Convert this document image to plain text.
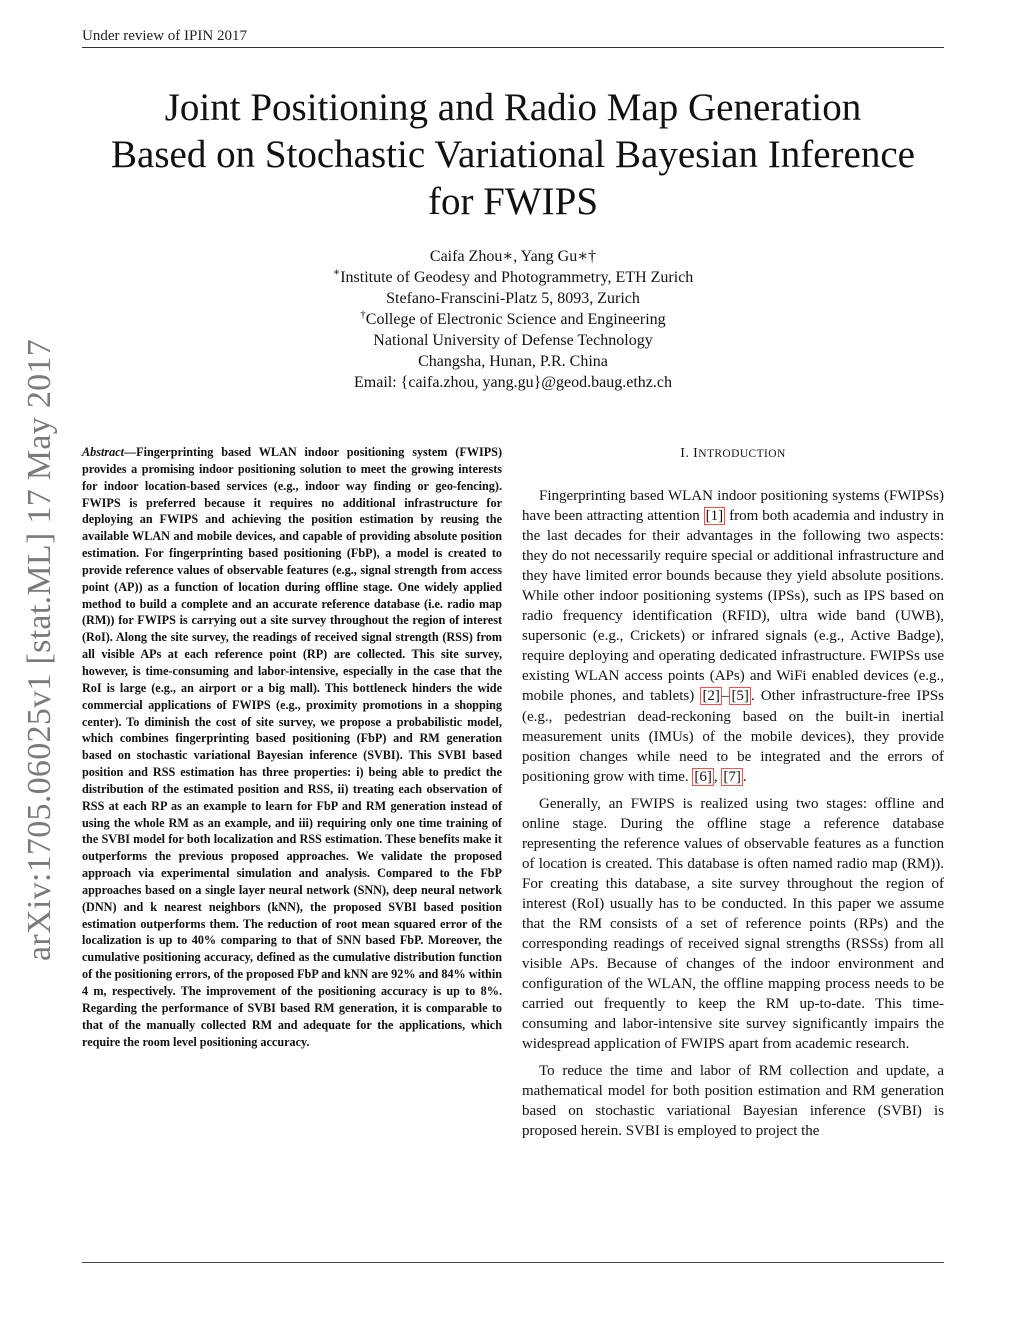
Under review of IPIN 2017
arXiv:1705.06025v1 [stat.ML] 17 May 2017
Joint Positioning and Radio Map Generation
Based on Stochastic Variational Bayesian Inference
for FWIPS
Caifa Zhou∗, Yang Gu∗†
∗Institute of Geodesy and Photogrammetry, ETH Zurich
Stefano-Franscini-Platz 5, 8093, Zurich
†College of Electronic Science and Engineering
National University of Defense Technology
Changsha, Hunan, P.R. China
Email: {caifa.zhou, yang.gu}@geod.baug.ethz.ch
Abstract—Fingerprinting based WLAN indoor positioning system (FWIPS) provides a promising indoor positioning solution to meet the growing interests for indoor location-based services (e.g., indoor way finding or geo-fencing). FWIPS is preferred because it requires no additional infrastructure for deploying an FWIPS and achieving the position estimation by reusing the available WLAN and mobile devices, and capable of providing absolute position estimation. For fingerprinting based positioning (FbP), a model is created to provide reference values of observable features (e.g., signal strength from access point (AP)) as a function of location during offline stage. One widely applied method to build a complete and an accurate reference database (i.e. radio map (RM)) for FWIPS is carrying out a site survey throughout the region of interest (RoI). Along the site survey, the readings of received signal strength (RSS) from all visible APs at each reference point (RP) are collected. This site survey, however, is time-consuming and labor-intensive, especially in the case that the RoI is large (e.g., an airport or a big mall). This bottleneck hinders the wide commercial applications of FWIPS (e.g., proximity promotions in a shopping center). To diminish the cost of site survey, we propose a probabilistic model, which combines fingerprinting based positioning (FbP) and RM generation based on stochastic variational Bayesian inference (SVBI). This SVBI based position and RSS estimation has three properties: i) being able to predict the distribution of the estimated position and RSS, ii) treating each observation of RSS at each RP as an example to learn for FbP and RM generation instead of using the whole RM as an example, and iii) requiring only one time training of the SVBI model for both localization and RSS estimation. These benefits make it outperforms the previous proposed approaches. We validate the proposed approach via experimental simulation and analysis. Compared to the FbP approaches based on a single layer neural network (SNN), deep neural network (DNN) and k nearest neighbors (kNN), the proposed SVBI based position estimation outperforms them. The reduction of root mean squared error of the localization is up to 40% comparing to that of SNN based FbP. Moreover, the cumulative positioning accuracy, defined as the cumulative distribution function of the positioning errors, of the proposed FbP and kNN are 92% and 84% within 4 m, respectively. The improvement of the positioning accuracy is up to 8%. Regarding the performance of SVBI based RM generation, it is comparable to that of the manually collected RM and adequate for the applications, which require the room level positioning accuracy.
I. INTRODUCTION

Fingerprinting based WLAN indoor positioning systems (FWIPSs) have been attracting attention [1] from both academia and industry in the last decades for their advantages in the following two aspects: they do not necessarily require special or additional infrastructure and they have limited error bounds because they yield absolute positions. While other indoor positioning systems (IPSs), such as IPS based on radio frequency identification (RFID), ultra wide band (UWB), supersonic (e.g., Crickets) or infrared signals (e.g., Active Badge), require deploying and operating dedicated infrastructure. FWIPSs use existing WLAN access points (APs) and WiFi enabled devices (e.g., mobile phones, and tablets) [2] – [5] . Other infrastructure-free IPSs (e.g., pedestrian dead-reckoning based on the built-in inertial measurement units (IMUs) of the mobile devices), they provide position changes while need to be integrated and the errors of positioning grow with time. [6] , [7] .

Generally, an FWIPS is realized using two stages: offline and online stage. During the offline stage a reference database representing the reference values of observable features as a function of location is created. This database is often named radio map (RM)). For creating this database, a site survey throughout the region of interest (RoI) usually has to be conducted. In this paper we assume that the RM consists of a set of reference points (RPs) and the corresponding readings of received signal strengths (RSSs) from all visible APs. Because of changes of the indoor environment and configuration of the WLAN, the offline mapping process needs to be carried out frequently to keep the RM up-to-date. This time-consuming and labor-intensive site survey significantly impairs the widespread application of FWIPS apart from academic research.

To reduce the time and labor of RM collection and update, a mathematical model for both position estimation and RM generation based on stochastic variational Bayesian inference (SVBI) is proposed herein. SVBI is employed to project the
